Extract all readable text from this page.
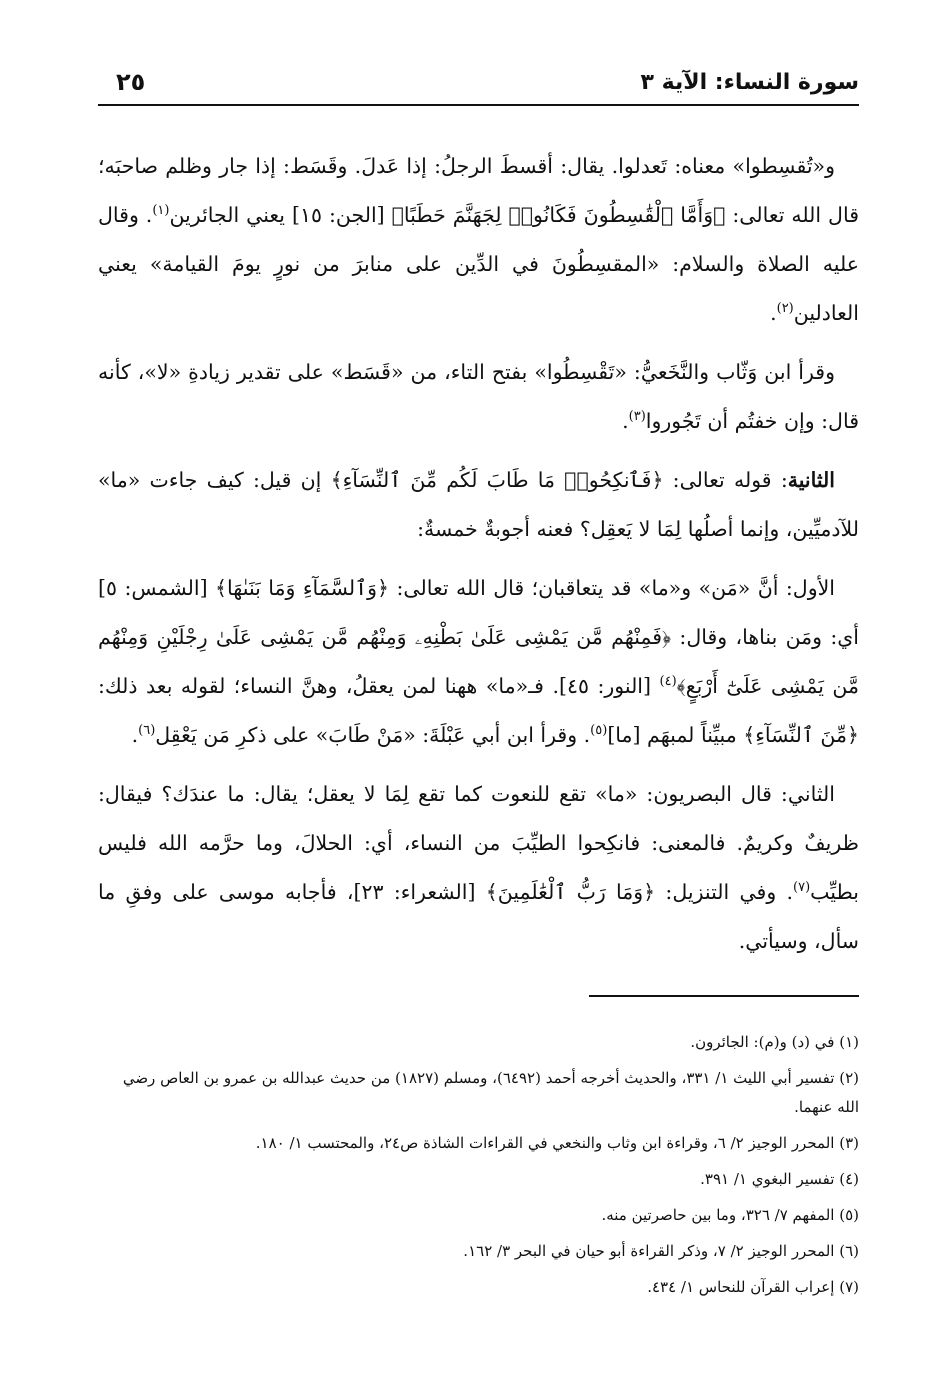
سورة النساء: الآية ٣
٢٥

و«تُقسِطوا» معناه: تَعدلوا. يقال: أقسطَ الرجلُ: إذا عَدلَ. وقَسَط: إذا جار وظلم صاحبَه؛ قال الله تعالى: ﴿وَأَمَّا ٱلْقَٰسِطُونَ فَكَانُوا۟ لِجَهَنَّمَ حَطَبًا﴾ [الجن: ١٥] يعني الجائرين$^{(١)}$. وقال عليه الصلاة والسلام: «المقسِطُونَ في الدِّين على منابرَ من نورٍ يومَ القيامة» يعني العادلين$^{(٢)}$.

وقرأ ابن وَثّاب والنَّخَعيُّ: «تَقْسِطُوا» بفتح التاء، من «قَسَط» على تقدير زيادةِ «لا»، كأنه قال: وإن خفتُم أن تَجُوروا$^{(٣)}$.

الثانية: قوله تعالى: ﴿فَٱنكِحُوا۟ مَا طَابَ لَكُم مِّنَ ٱلنِّسَآءِ﴾ إن قيل: كيف جاءت «ما» للآدميِّين، وإنما أصلُها لِمَا لا يَعقِل؟ فعنه أجوبةٌ خمسةٌ:

الأول: أنَّ «مَن» و«ما» قد يتعاقبان؛ قال الله تعالى: ﴿وَٱلسَّمَآءِ وَمَا بَنَىٰهَا﴾ [الشمس: ٥] أي: ومَن بناها، وقال: ﴿فَمِنْهُم مَّن يَمْشِى عَلَىٰ بَطْنِهِۦ وَمِنْهُم مَّن يَمْشِى عَلَىٰ رِجْلَيْنِ وَمِنْهُم مَّن يَمْشِى عَلَىٰٓ أَرْبَعٍ﴾$^{(٤)}$ [النور: ٤٥]. فـ«ما» ههنا لمن يعقلُ، وهنَّ النساء؛ لقوله بعد ذلك: ﴿مِّنَ ٱلنِّسَآءِ﴾ مبيِّناً لمبهَم [ما]$^{(٥)}$. وقرأ ابن أبي عَبْلَةَ: «مَنْ طَابَ» على ذكرِ مَن يَعْقِل$^{(٦)}$.

الثاني: قال البصريون: «ما» تقع للنعوت كما تقع لِمَا لا يعقل؛ يقال: ما عندَك؟ فيقال: ظريفٌ وكريمٌ. فالمعنى: فانكِحوا الطيِّبَ من النساء، أي: الحلالَ، وما حرَّمه الله فليس بطيِّب$^{(٧)}$. وفي التنزيل: ﴿وَمَا رَبُّ ٱلْعَٰلَمِينَ﴾ [الشعراء: ٢٣]، فأجابه موسى على وفقِ ما سأل، وسيأتي.

(١) في (د) و(م): الجائرون.
(٢) تفسير أبي الليث ١/ ٣٣١، والحديث أخرجه أحمد (٦٤٩٢)، ومسلم (١٨٢٧) من حديث عبدالله بن عمرو بن العاص رضي الله عنهما.
(٣) المحرر الوجيز ٢/ ٦، وقراءة ابن وثاب والنخعي في القراءات الشاذة ص٢٤، والمحتسب ١/ ١٨٠.
(٤) تفسير البغوي ١/ ٣٩١.
(٥) المفهم ٧/ ٣٢٦، وما بين حاصرتين منه.
(٦) المحرر الوجيز ٢/ ٧، وذكر القراءة أبو حيان في البحر ٣/ ١٦٢.
(٧) إعراب القرآن للنحاس ١/ ٤٣٤.
